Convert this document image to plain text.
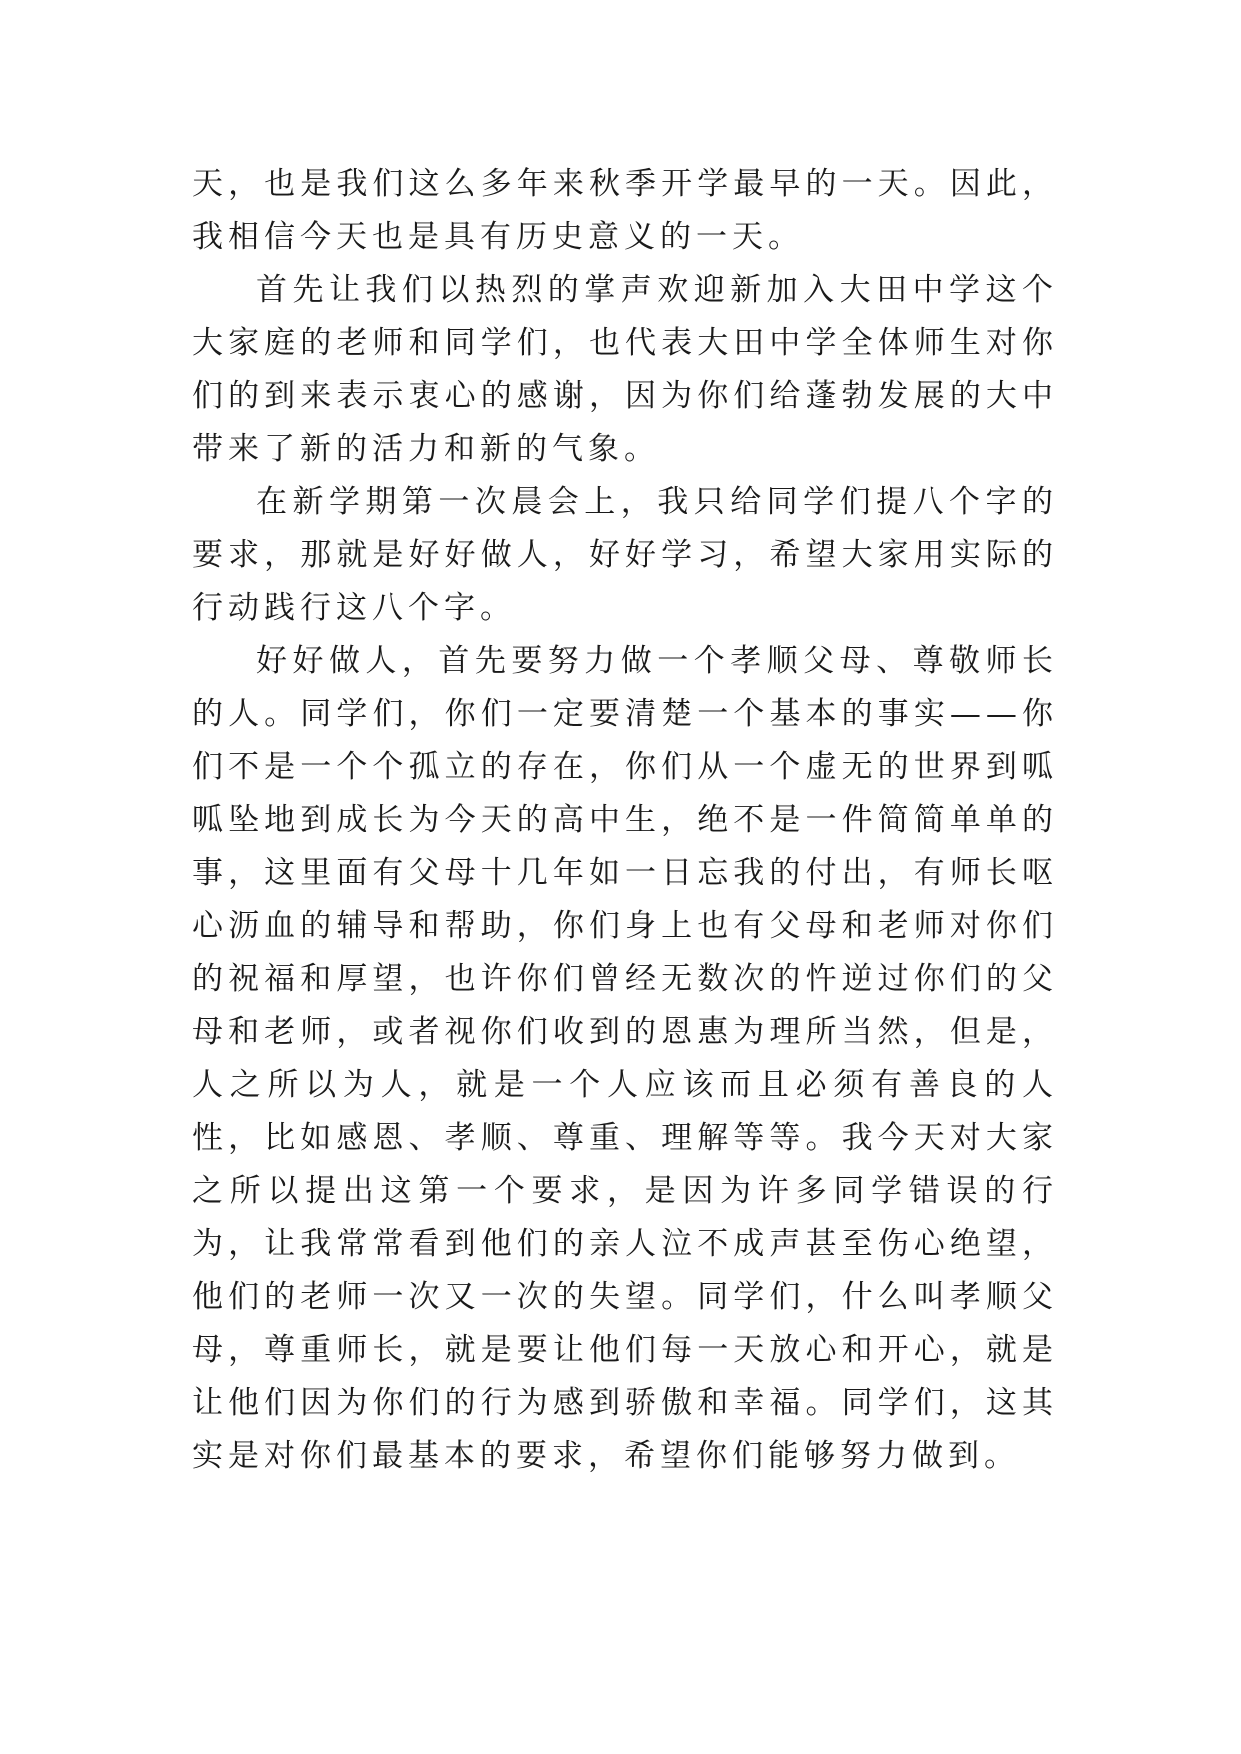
天，也是我们这么多年来秋季开学最早的一天。因此，我相信今天也是具有历史意义的一天。

首先让我们以热烈的掌声欢迎新加入大田中学这个大家庭的老师和同学们，也代表大田中学全体师生对你们的到来表示衷心的感谢，因为你们给蓬勃发展的大中带来了新的活力和新的气象。

在新学期第一次晨会上，我只给同学们提八个字的要求，那就是好好做人，好好学习，希望大家用实际的行动践行这八个字。

好好做人，首先要努力做一个孝顺父母、尊敬师长的人。同学们，你们一定要清楚一个基本的事实——你们不是一个个孤立的存在，你们从一个虚无的世界到呱呱坠地到成长为今天的高中生，绝不是一件简简单单的事，这里面有父母十几年如一日忘我的付出，有师长呕心沥血的辅导和帮助，你们身上也有父母和老师对你们的祝福和厚望，也许你们曾经无数次的忤逆过你们的父母和老师，或者视你们收到的恩惠为理所当然，但是，人之所以为人，就是一个人应该而且必须有善良的人性，比如感恩、孝顺、尊重、理解等等。我今天对大家之所以提出这第一个要求，是因为许多同学错误的行为，让我常常看到他们的亲人泣不成声甚至伤心绝望，他们的老师一次又一次的失望。同学们，什么叫孝顺父母，尊重师长，就是要让他们每一天放心和开心，就是让他们因为你们的行为感到骄傲和幸福。同学们，这其实是对你们最基本的要求，希望你们能够努力做到。
